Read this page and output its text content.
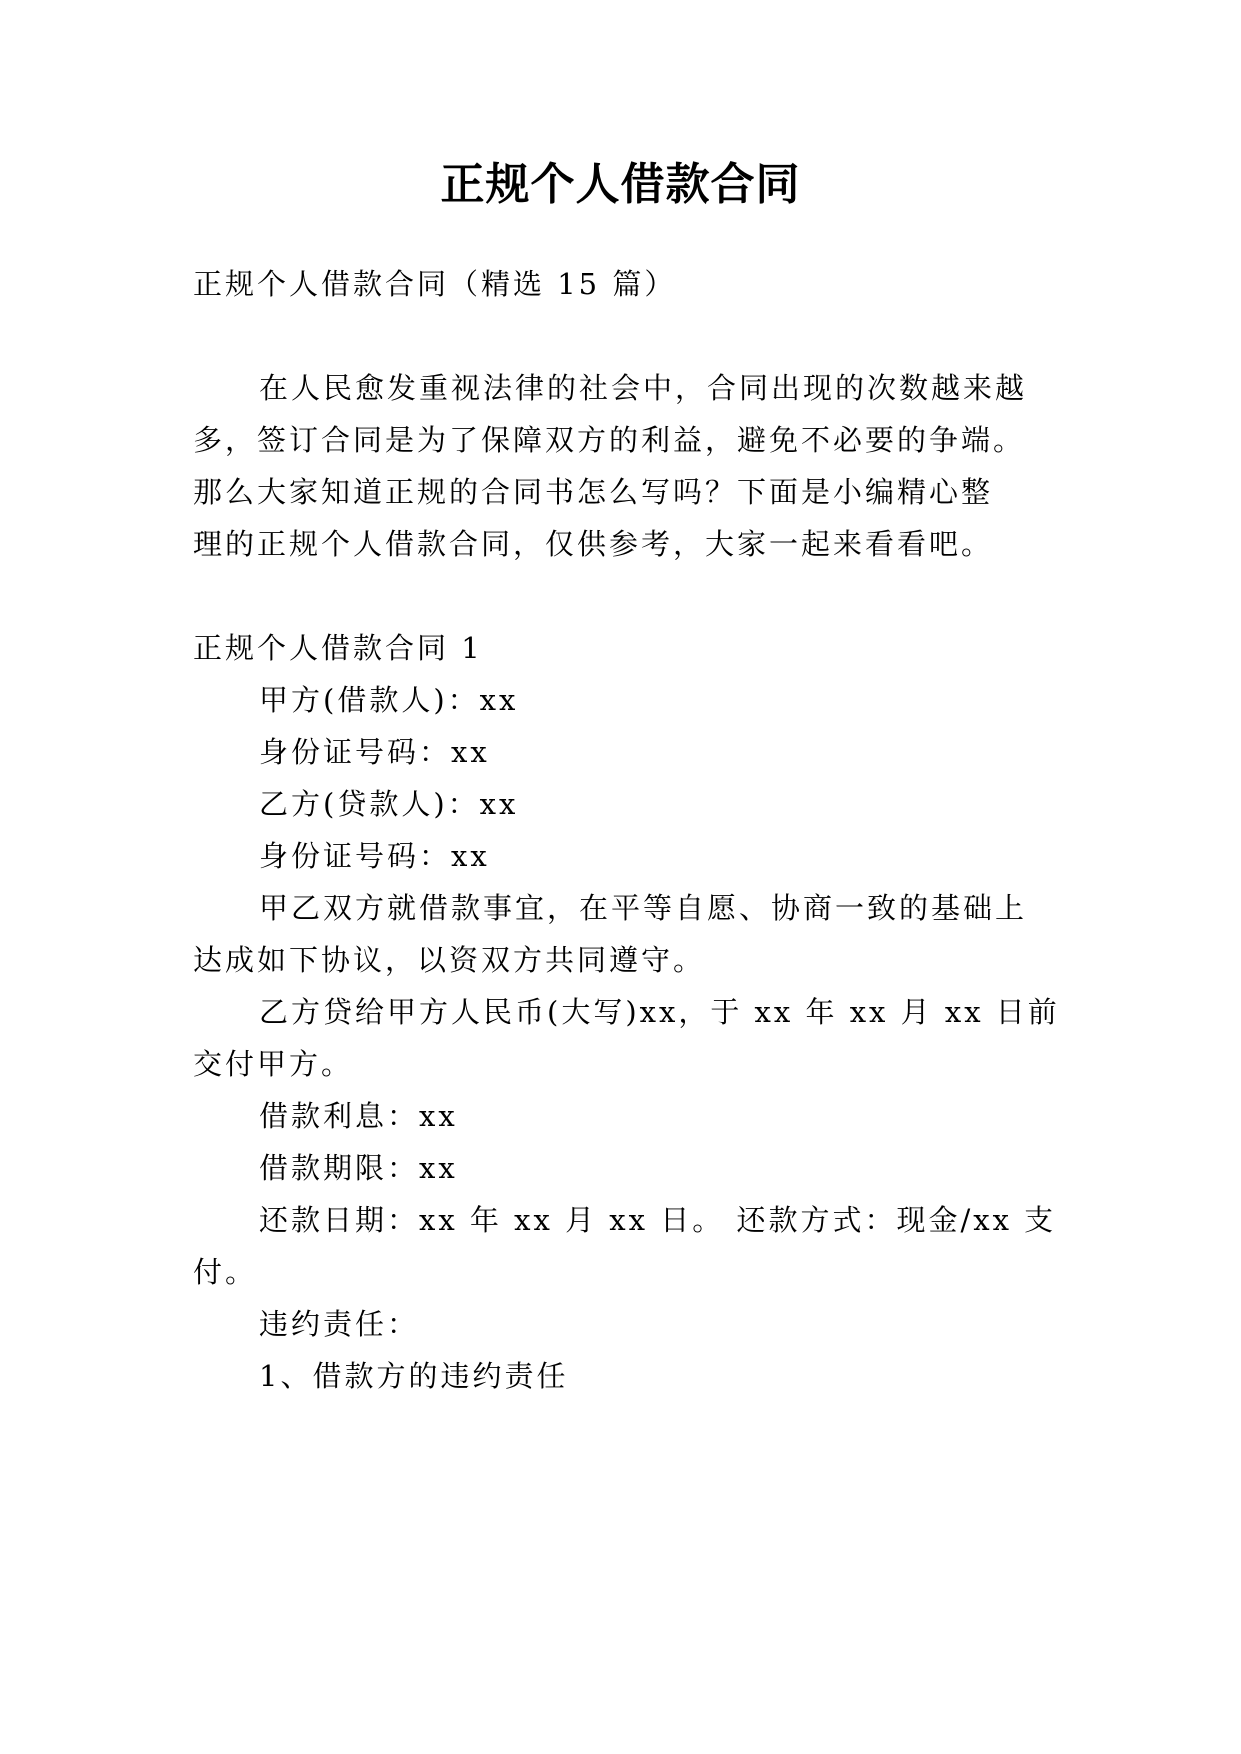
正规个人借款合同
正规个人借款合同（精选 15 篇）
在人民愈发重视法律的社会中，合同出现的次数越来越
多，签订合同是为了保障双方的利益，避免不必要的争端。
那么大家知道正规的合同书怎么写吗？下面是小编精心整
理的正规个人借款合同，仅供参考，大家一起来看看吧。
正规个人借款合同 1
甲方(借款人)：xx
身份证号码：xx
乙方(贷款人)：xx
身份证号码：xx
甲乙双方就借款事宜，在平等自愿、协商一致的基础上
达成如下协议，以资双方共同遵守。
乙方贷给甲方人民币(大写)xx，于 xx 年 xx 月 xx 日前
交付甲方。
借款利息：xx
借款期限：xx
还款日期：xx 年 xx 月 xx 日。 还款方式：现金/xx 支
付。
违约责任：
1、借款方的违约责任
